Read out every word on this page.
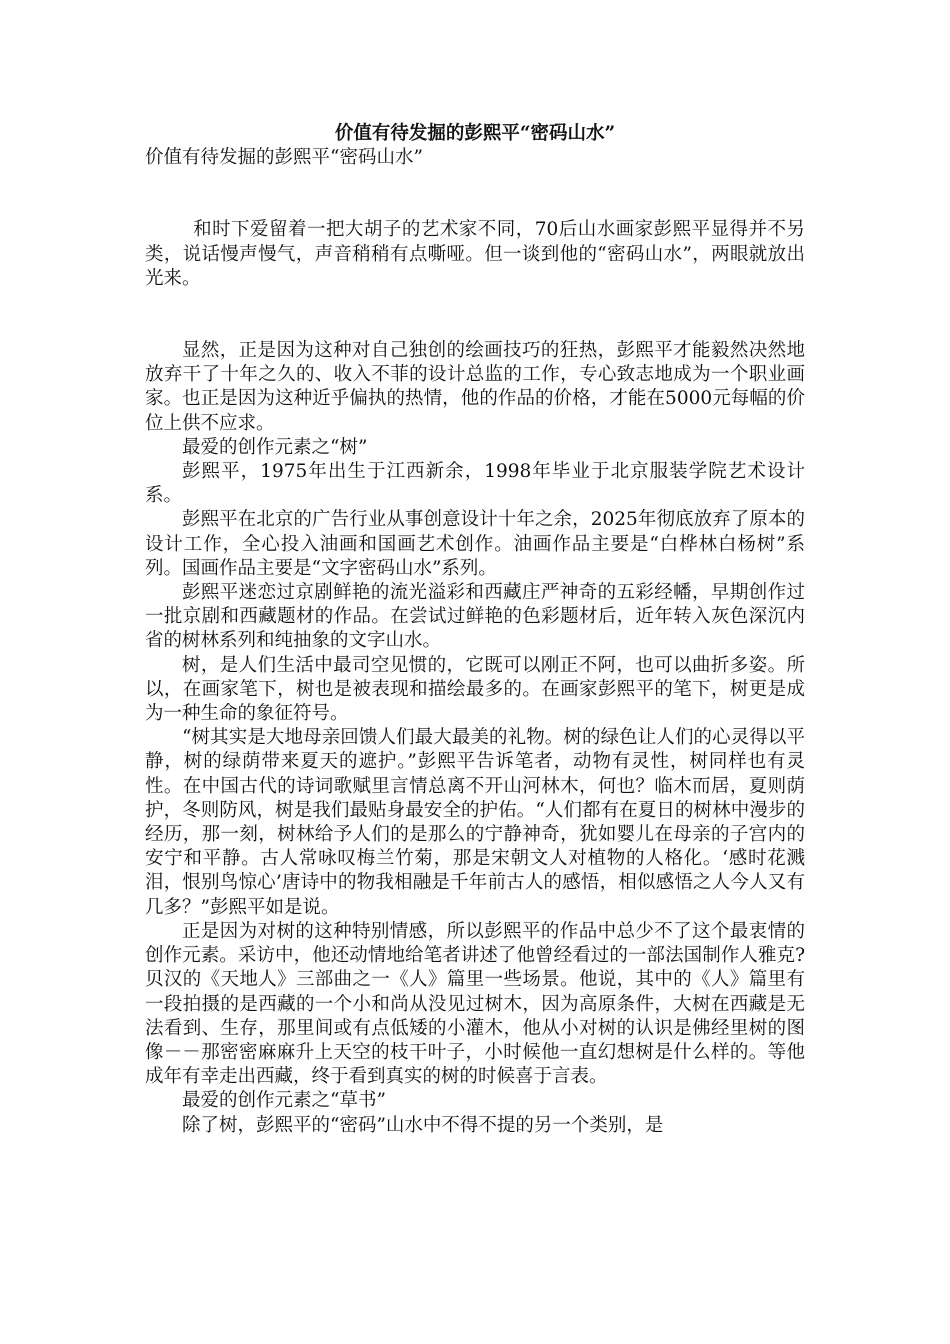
价值有待发掘的彭熙平“密码山水”

价值有待发掘的彭熙平“密码山水”

和时下爱留着一把大胡子的艺术家不同，70后山水画家彭熙平显得并不另类，说话慢声慢气，声音稍稍有点嘶哑。但一谈到他的“密码山水”，两眼就放出光来。

显然，正是因为这种对自己独创的绘画技巧的狂热，彭熙平才能毅然决然地放弃干了十年之久的、收入不菲的设计总监的工作，专心致志地成为一个职业画家。也正是因为这种近乎偏执的热情，他的作品的价格，才能在5000元每幅的价位上供不应求。

最爱的创作元素之“树”

彭熙平，1975年出生于江西新余，1998年毕业于北京服装学院艺术设计系。

彭熙平在北京的广告行业从事创意设计十年之余，2025年彻底放弃了原本的设计工作，全心投入油画和国画艺术创作。油画作品主要是“白桦林白杨树”系列。国画作品主要是“文字密码山水”系列。

彭熙平迷恋过京剧鲜艳的流光溢彩和西藏庄严神奇的五彩经幡，早期创作过一批京剧和西藏题材的作品。在尝试过鲜艳的色彩题材后，近年转入灰色深沉内省的树林系列和纯抽象的文字山水。

树，是人们生活中最司空见惯的，它既可以刚正不阿，也可以曲折多姿。所以，在画家笔下，树也是被表现和描绘最多的。在画家彭熙平的笔下，树更是成为一种生命的象征符号。

“树其实是大地母亲回馈人们最大最美的礼物。树的绿色让人们的心灵得以平静，树的绿荫带来夏天的遮护。”彭熙平告诉笔者，动物有灵性，树同样也有灵性。在中国古代的诗词歌赋里言情总离不开山河林木，何也？临木而居，夏则荫护，冬则防风，树是我们最贴身最安全的护佑。“人们都有在夏日的树林中漫步的经历，那一刻，树林给予人们的是那么的宁静神奇，犹如婴儿在母亲的子宫内的安宁和平静。古人常咏叹梅兰竹菊，那是宋朝文人对植物的人格化。‘感时花溅泪，恨别鸟惊心’唐诗中的物我相融是千年前古人的感悟，相似感悟之人今人又有几多？”彭熙平如是说。

正是因为对树的这种特别情感，所以彭熙平的作品中总少不了这个最衷情的创作元素。采访中，他还动情地给笔者讲述了他曾经看过的一部法国制作人雅克?贝汉的《天地人》三部曲之一《人》篇里一些场景。他说，其中的《人》篇里有一段拍摄的是西藏的一个小和尚从没见过树木，因为高原条件，大树在西藏是无法看到、生存，那里间或有点低矮的小灌木，他从小对树的认识是佛经里树的图像－－那密密麻麻升上天空的枝干叶子，小时候他一直幻想树是什么样的。等他成年有幸走出西藏，终于看到真实的树的时候喜于言表。

最爱的创作元素之“草书”

除了树，彭熙平的“密码”山水中不得不提的另一个类别，是
